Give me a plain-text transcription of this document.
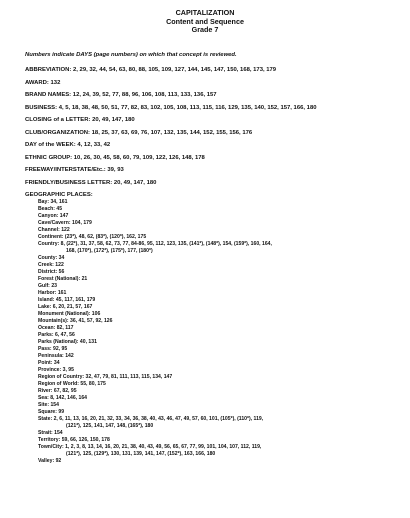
CAPITALIZATION
Content and Sequence
Grade 7
Numbers indicate DAYS (page numbers) on which that concept is reviewed.
ABBREVIATION: 2, 29, 32, 44, 54, 63, 80, 88, 105, 109, 127, 144, 145, 147, 150, 168, 173, 179
AWARD: 132
BRAND NAMES: 12, 24, 39, 52, 77, 88, 96, 106, 108, 113, 133, 136, 157
BUSINESS: 4, 5, 18, 38, 48, 50, 51, 77, 82, 83, 102, 105, 108, 113, 115, 116, 129, 135, 140, 152, 157, 166, 180
CLOSING of a LETTER: 20, 49, 147, 180
CLUB/ORGANIZATION: 18, 25, 37, 63, 69, 76, 107, 132, 135, 144, 152, 155, 156, 176
DAY of the WEEK: 4, 12, 33, 42
ETHNIC GROUP: 10, 26, 30, 45, 58, 60, 79, 109, 122, 126, 148, 178
FREEWAY/INTERSTATE/Etc.: 39, 93
FRIENDLY/BUSINESS LETTER: 20, 49, 147, 180
GEOGRAPHIC PLACES:
Bay: 34, 161
Beach: 45
Canyon: 147
Cave/Cavern: 104, 179
Channel: 122
Continent: (23*), 48, 62, (83*), (120*), 162, 175
Country: 8, (22*), 31, 37, 58, 62, 73, 77, 84-86, 95, 112, 123, 135, (141*), (148*), 154, (159*), 160, 164,
168, (170*), (172*), (175*), 177, (180*)
County: 34
Creek: 122
District: 56
Forest (National): 21
Gulf: 23
Harbor: 161
Island: 45, 117, 161, 179
Lake: 6, 20, 21, 57, 167
Monument (National): 106
Mountain(s): 36, 41, 57, 92, 126
Ocean: 82, 117
Parks: 6, 47, 56
Parks (National): 40, 131
Pass: 92, 95
Peninsula: 142
Point: 34
Province: 3, 95
Region of Country: 32, 47, 79, 81, 111, 113, 115, 134, 147
Region of World: 55, 80, 175
River: 67, 82, 95
Sea: 8, 142, 146, 164
Site: 154
Square: 99
State: 2, 6, 11, 13, 16, 20, 21, 32, 33, 34, 36, 38, 40, 43, 46, 47, 49, 57, 60, 101, (105*), (110*), 119,
(121*), 125, 141, 147, 148, (165*), 180
Strait: 154
Territory: 59, 66, 126, 150, 178
Town/City: 1, 2, 3, 8, 13, 14, 16, 20, 21, 38, 40, 43, 49, 56, 65, 67, 77, 99, 101, 104, 107, 112, 119,
(121*), 125, (129*), 130, 131, 139, 141, 147, (152*), 163, 166, 180
Valley: 92
